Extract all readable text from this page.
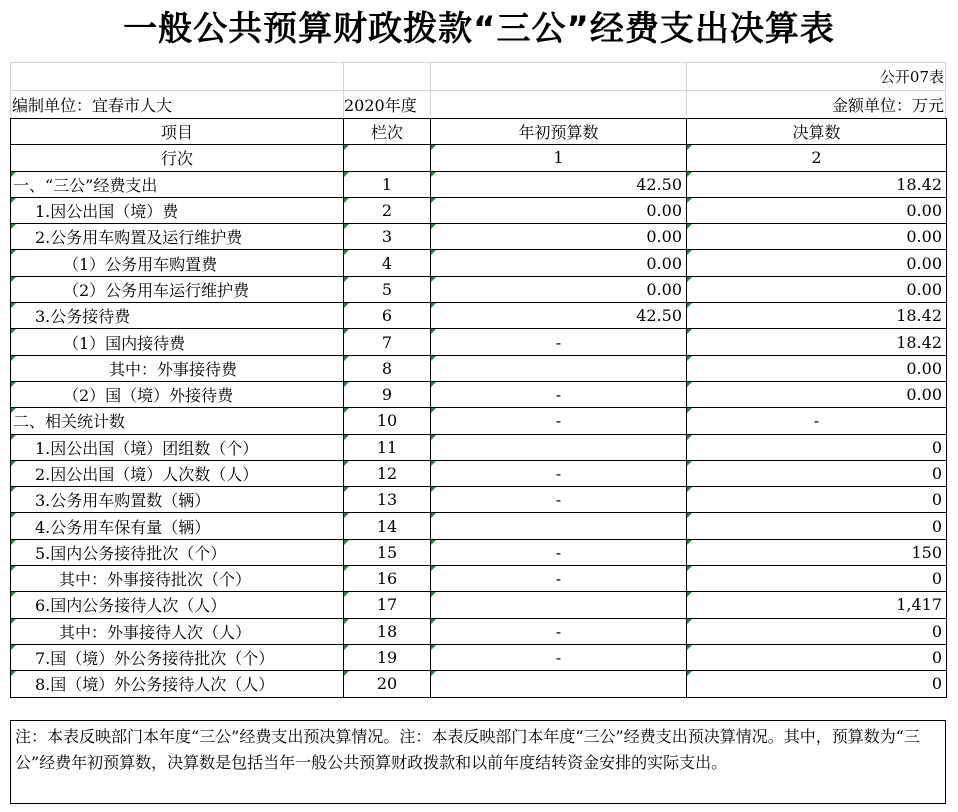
一般公共预算财政拨款“三公”经费支出决算表
公开07表
编制单位：宜春市人大	2020年度	金额单位：万元
项目	栏次	年初预算数	决算数
行次		1	2
一、“三公”经费支出	1	42.50	18.42
1.因公出国（境）费	2	0.00	0.00
2.公务用车购置及运行维护费	3	0.00	0.00
（1）公务用车购置费	4	0.00	0.00
（2）公务用车运行维护费	5	0.00	0.00
3.公务接待费	6	42.50	18.42
（1）国内接待费	7	-	18.42
其中：外事接待费	8		0.00
（2）国（境）外接待费	9	-	0.00
二、相关统计数	10	-	-
1.因公出国（境）团组数（个）	11		0
2.因公出国（境）人次数（人）	12	-	0
3.公务用车购置数（辆）	13	-	0
4.公务用车保有量（辆）	14		0
5.国内公务接待批次（个）	15	-	150
其中：外事接待批次（个）	16	-	0
6.国内公务接待人次（人）	17		1,417
其中：外事接待人次（人）	18	-	0
7.国（境）外公务接待批次（个）	19	-	0
8.国（境）外公务接待人次（人）	20		0
注：本表反映部门本年度“三公”经费支出预决算情况。注：本表反映部门本年度“三公”经费支出预决算情况。其中，预算数为“三公”经费年初预算数，决算数是包括当年一般公共预算财政拨款和以前年度结转资金安排的实际支出。
